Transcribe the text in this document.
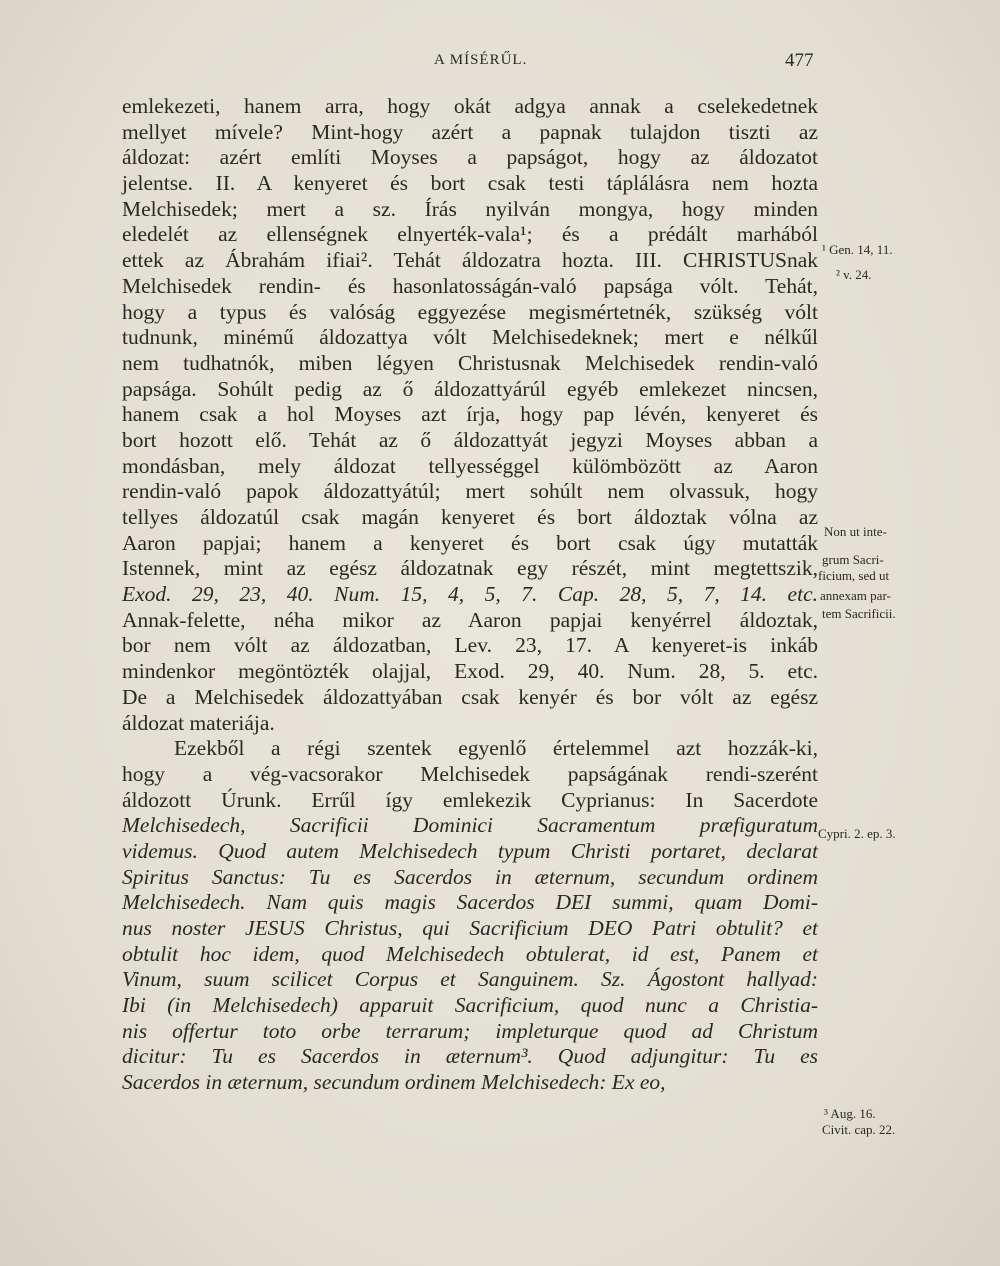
A MÍSÉRŰL.	477
emlekezeti, hanem arra, hogy okát adgya annak a cselekedetnek
mellyet mívele? Mint-hogy azért a papnak tulajdon tiszti az
áldozat: azért említi Moyses a papságot, hogy az áldozatot
jelentse. II. A kenyeret és bort csak testi táplálásra nem hozta
Melchisedek; mert a sz. Írás nyilván mongya, hogy minden
eledelét az ellenségnek elnyerték-vala¹; és a prédált marhából
ettek az Ábrahám ifiai². Tehát áldozatra hozta. III. CHRISTUSnak
Melchisedek rendin- és hasonlatosságán-való papsága vólt. Tehát,
hogy a typus és valóság eggyezése megismértetnék, szükség vólt
tudnunk, minémű áldozattya vólt Melchisedeknek; mert e nélkűl
nem tudhatnók, miben légyen Christusnak Melchisedek rendin-való
papsága. Sohúlt pedig az ő áldozattyárúl egyéb emlekezet nincsen,
hanem csak a hol Moyses azt írja, hogy pap lévén, kenyeret és
bort hozott elő. Tehát az ő áldozattyát jegyzi Moyses abban a
mondásban, mely áldozat tellyességgel külömbözött az Aaron
rendin-való papok áldozattyátúl; mert sohúlt nem olvassuk, hogy
tellyes áldozatúl csak magán kenyeret és bort áldoztak vólna az
Aaron papjai; hanem a kenyeret és bort csak úgy mutatták
Istennek, mint az egész áldozatnak egy részét, mint megtettszik,
Exod. 29, 23, 40. Num. 15, 4, 5, 7. Cap. 28, 5, 7, 14. etc.
Annak-felette, néha mikor az Aaron papjai kenyérrel áldoztak,
bor nem vólt az áldozatban, Lev. 23, 17. A kenyeret-is inkáb
mindenkor megöntözték olajjal, Exod. 29, 40. Num. 28, 5. etc.
De a Melchisedek áldozattyában csak kenyér és bor vólt az egész
áldozat materiája.
Ezekből a régi szentek egyenlő értelemmel azt hozzák-ki,
hogy a vég-vacsorakor Melchisedek papságának rendi-szerént
áldozott Úrunk. Errűl így emlekezik Cyprianus: In Sacerdote
Melchisedech, Sacrificii Dominici Sacramentum præfiguratum
videmus. Quod autem Melchisedech typum Christi portaret, declarat
Spiritus Sanctus: Tu es Sacerdos in æternum, secundum ordinem
Melchisedech. Nam quis magis Sacerdos DEI summi, quam Domi-
nus noster JESUS Christus, qui Sacrificium DEO Patri obtulit? et
obtulit hoc idem, quod Melchisedech obtulerat, id est, Panem et
Vinum, suum scilicet Corpus et Sanguinem. Sz. Ágostont hallyad:
Ibi (in Melchisedech) apparuit Sacrificium, quod nunc a Christia-
nis offertur toto orbe terrarum; impleturque quod ad Christum
dicitur: Tu es Sacerdos in æternum³. Quod adjungitur: Tu es
Sacerdos in æternum, secundum ordinem Melchisedech: Ex eo,
¹ Gen. 14, 11.
² v. 24.
Non ut inte-
grum Sacri-
ficium, sed ut
annexam par-
tem Sacrificii.
Cypri. 2. ep. 3.
³ Aug. 16.
Civit. cap. 22.
